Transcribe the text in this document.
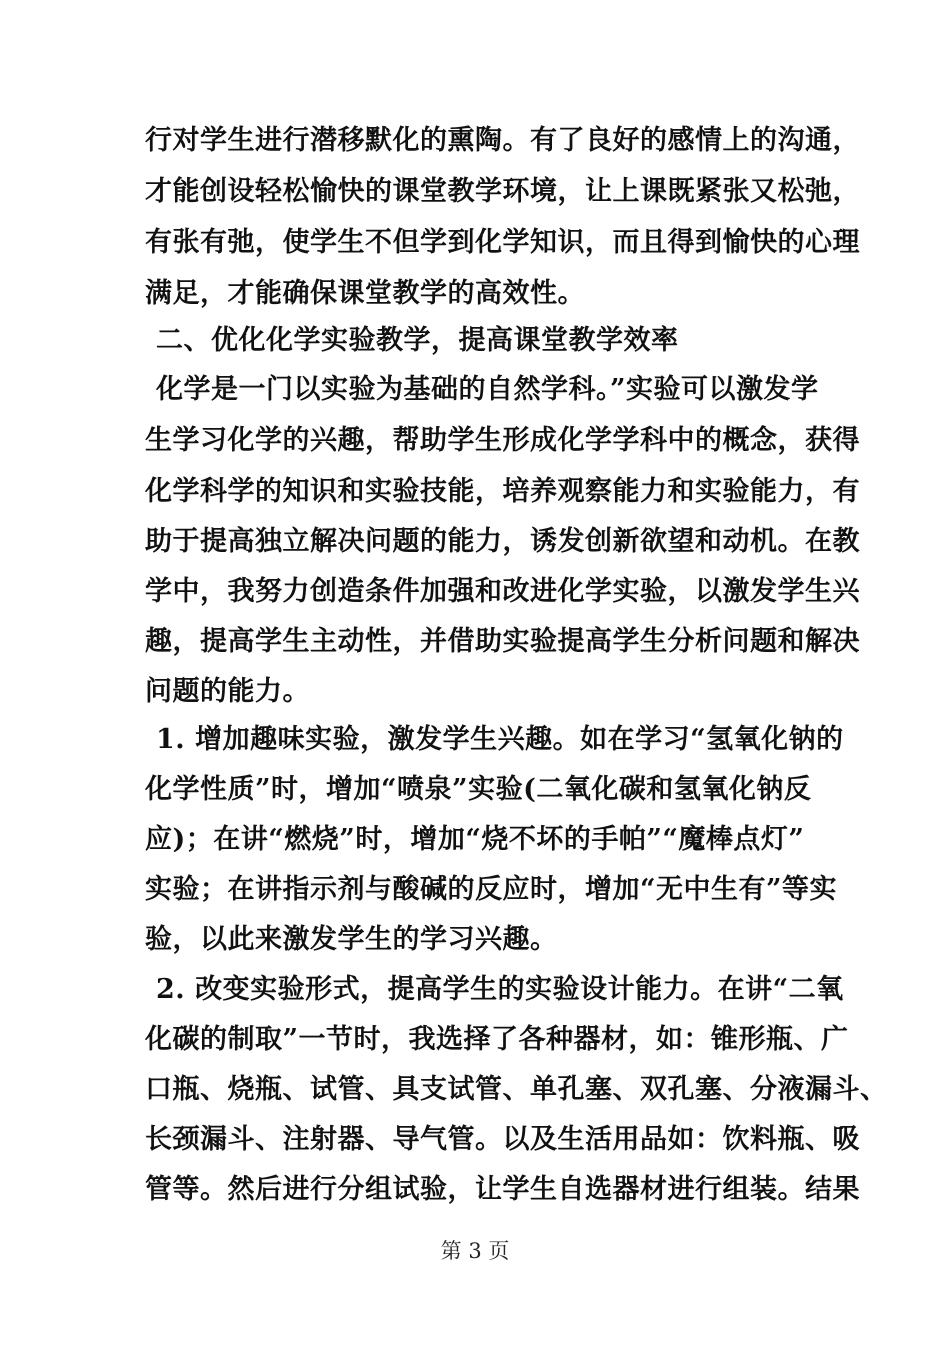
行对学生进行潜移默化的熏陶。有了良好的感情上的沟通，
才能创设轻松愉快的课堂教学环境，让上课既紧张又松弛，
有张有弛，使学生不但学到化学知识，而且得到愉快的心理
满足，才能确保课堂教学的高效性。
二、优化化学实验教学，提高课堂教学效率
化学是一门以实验为基础的自然学科。”实验可以激发学
生学习化学的兴趣，帮助学生形成化学学科中的概念，获得
化学科学的知识和实验技能，培养观察能力和实验能力，有
助于提高独立解决问题的能力，诱发创新欲望和动机。在教
学中，我努力创造条件加强和改进化学实验，以激发学生兴
趣，提高学生主动性，并借助实验提高学生分析问题和解决
问题的能力。
1. 增加趣味实验，激发学生兴趣。如在学习“氢氧化钠的
化学性质”时，增加“喷泉”实验(二氧化碳和氢氧化钠反
应)；在讲“燃烧”时，增加“烧不坏的手帕”“魔棒点灯”
实验；在讲指示剂与酸碱的反应时，增加“无中生有”等实
验，以此来激发学生的学习兴趣。
2. 改变实验形式，提高学生的实验设计能力。在讲“二氧
化碳的制取”一节时，我选择了各种器材，如：锥形瓶、广
口瓶、烧瓶、试管、具支试管、单孔塞、双孔塞、分液漏斗、
长颈漏斗、注射器、导气管。以及生活用品如：饮料瓶、吸
管等。然后进行分组试验，让学生自选器材进行组装。结果
第 3 页
